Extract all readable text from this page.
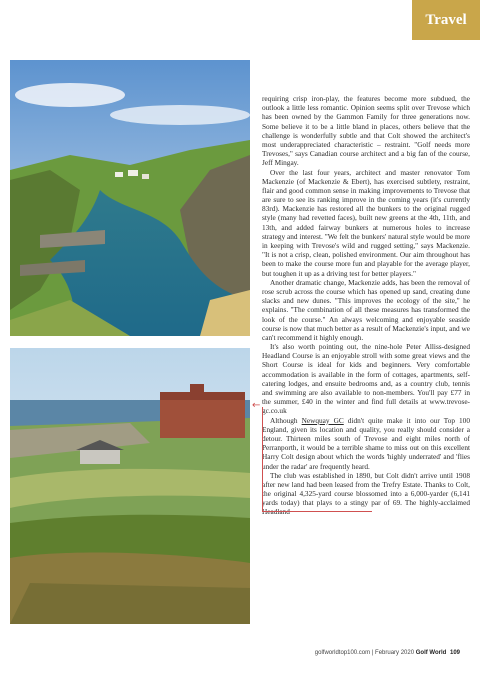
Travel

requiring crisp iron-play, the features become more subdued, the outlook a little less romantic. Opinion seems split over Trevose which has been owned by the Gammon Family for three generations now. Some believe it to be a little bland in places, others believe that the challenge is wonderfully subtle and that Colt showed the architect's most underappreciated characteristic – restraint. "Golf needs more Trevoses," says Canadian course architect and a big fan of the course, Jeff Mingay.

Over the last four years, architect and master renovator Tom Mackenzie (of Mackenzie & Ebert), has exercised subtlety, restraint, flair and good common sense in making improvements to Trevose that are sure to see its ranking improve in the coming years (it's currently 83rd). Mackenzie has restored all the bunkers to the original rugged style (many had revetted faces), built new greens at the 4th, 11th, and 13th, and added fairway bunkers at numerous holes to increase strategy and interest. "We felt the bunkers' natural style would be more in keeping with Trevose's wild and rugged setting," says Mackenzie. "It is not a crisp, clean, polished environment. Our aim throughout has been to make the course more fun and playable for the average player, but toughen it up as a driving test for better players."

Another dramatic change, Mackenzie adds, has been the removal of rose scrub across the course which has opened up sand, creating dune slacks and new dunes. "This improves the ecology of the site," he explains. "The combination of all these measures has transformed the look of the course." An always welcoming and enjoyable seaside course is now that much better as a result of Mackenzie's input, and we can't recommend it highly enough.

It's also worth pointing out, the nine-hole Peter Alliss-designed Headland Course is an enjoyable stroll with some great views and the Short Course is ideal for kids and beginners. Very comfortable accommodation is available in the form of cottages, apartments, self-catering lodges, and ensuite bedrooms and, as a country club, tennis and swimming are also available to non-members. You'll pay £77 in the summer, £40 in the winter and find full details at www.trevose-gc.co.uk

Although Newquay GC didn't quite make it into our Top 100 England, given its location and quality, you really should consider a detour. Thirteen miles south of Trevose and eight miles north of Perranporth, it would be a terrible shame to miss out on this excellent Harry Colt design about which the words 'highly underrated' and 'flies under the radar' are frequently heard.

The club was established in 1890, but Colt didn't arrive until 1908 after new land had been leased from the Trefry Estate. Thanks to Colt, the original 4,325-yard course blossomed into a 6,000-yarder (6,141 yards today) that plays to a stingy par of 69. The highly-acclaimed Headland

←
golfworldtop100.com | February 2020 Golf World 109
